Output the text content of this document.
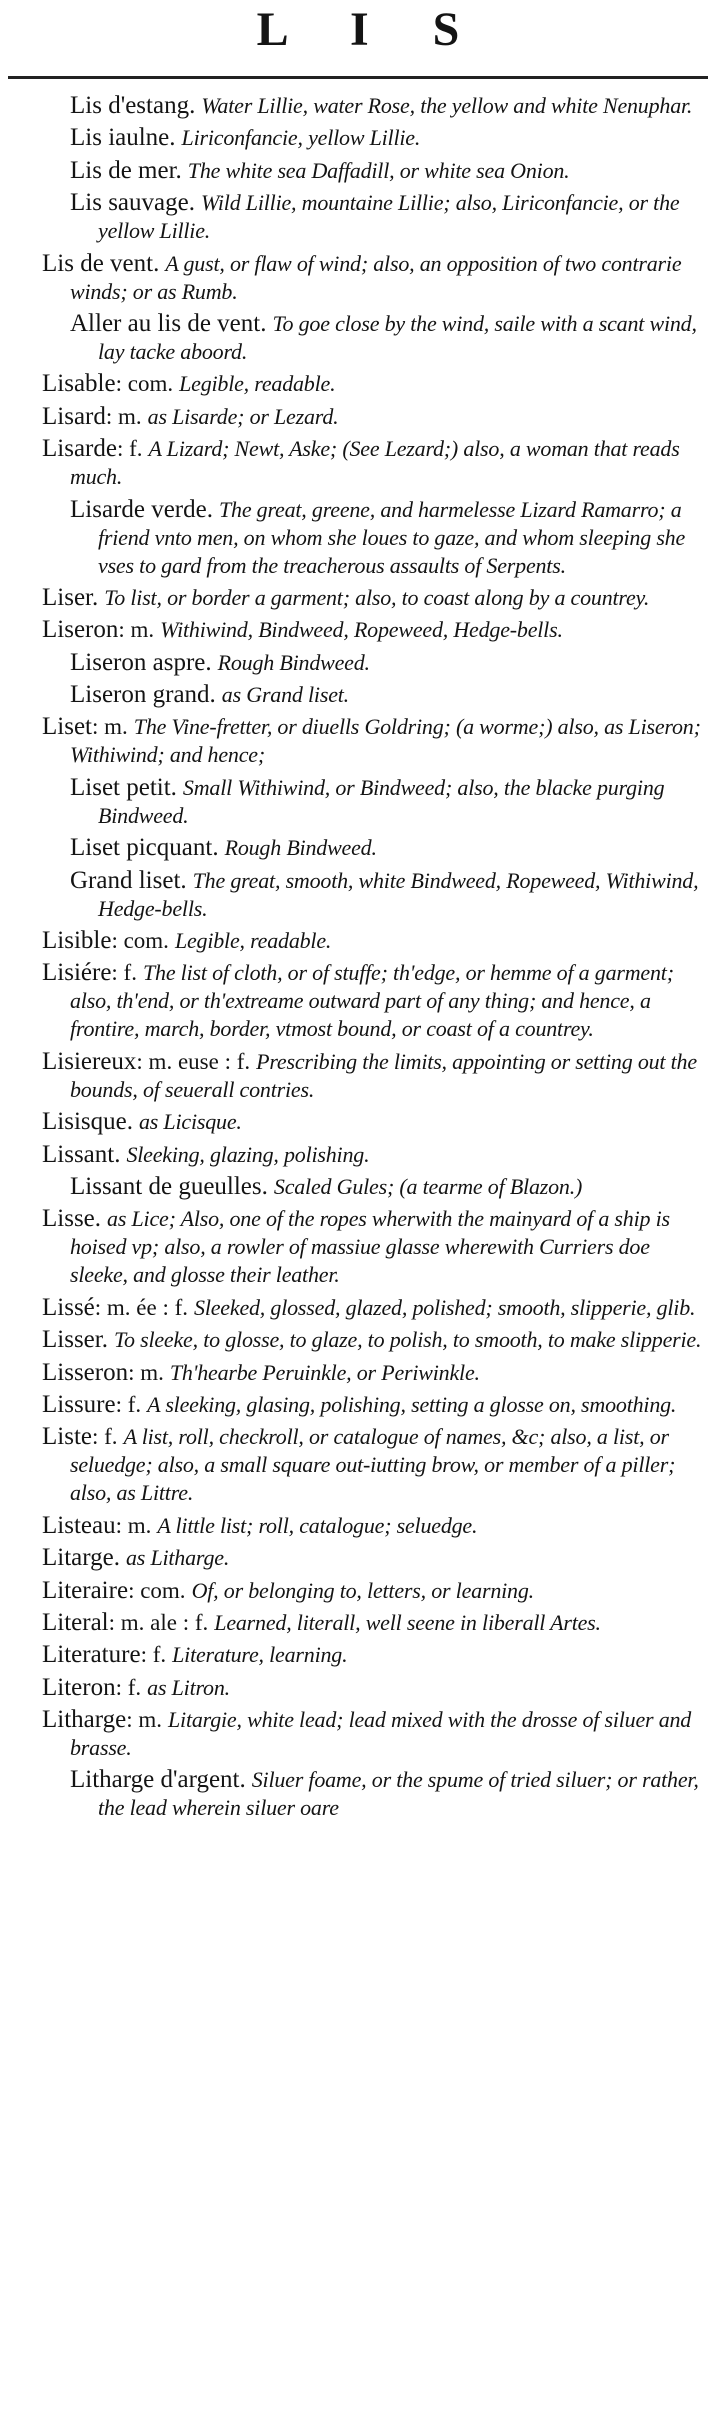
L I S
Lis d'estang. Water Lillie, water Rose, the yellow and white Nenuphar.
Lis iaulne. Liriconfancie, yellow Lillie.
Lis de mer. The white sea Daffadill, or white sea Onion.
Lis sauvage. Wild Lillie, mountaine Lillie; also, Liriconfancie, or the yellow Lillie.
Lis de vent. A gust, or flaw of wind; also, an opposition of two contrarie winds; or as Rumb.
Aller au lis de vent. To goe close by the wind, saile with a scant wind, lay tacke aboord.
Lisable: com. Legible, readable.
Lisard: m. as Lisarde; or Lezard.
Lisarde: f. A Lizard; Newt, Aske; (See Lezard;) also, a woman that reads much.
Lisarde verde. The great, greene, and harmelesse Lizard Ramarro; a friend vnto men, on whom she loues to gaze, and whom sleeping she vses to gard from the treacherous assaults of Serpents.
Liser. To list, or border a garment; also, to coast along by a countrey.
Liseron: m. Withiwind, Bindweed, Ropeweed, Hedge-bells.
Liseron aspre. Rough Bindweed.
Liseron grand. as Grand liset.
Liset: m. The Vine-fretter, or diuells Goldring; (a worme;) also, as Liseron; Withiwind; and hence;
Liset petit. Small Withiwind, or Bindweed; also, the blacke purging Bindweed.
Liset picquant. Rough Bindweed.
Grand liset. The great, smooth, white Bindweed, Ropeweed, Withiwind, Hedge-bells.
Lisible: com. Legible, readable.
Lisiére: f. The list of cloth, or of stuffe; th'edge, or hemme of a garment; also, th'end, or th'extreame outward part of any thing; and hence, a frontire, march, border, vtmost bound, or coast of a countrey.
Lisiereux: m. euse : f. Prescribing the limits, appointing or setting out the bounds, of seuerall contries.
Lisisque. as Licisque.
Lissant. Sleeking, glazing, polishing.
Lissant de gueulles. Scaled Gules; (a tearme of Blazon.)
Lisse. as Lice; Also, one of the ropes wherwith the mainyard of a ship is hoised vp; also, a rowler of massiue glasse wherewith Curriers doe sleeke, and glosse their leather.
Lissé: m. ée : f. Sleeked, glossed, glazed, polished; smooth, slipperie, glib.
Lisser. To sleeke, to glosse, to glaze, to polish, to smooth, to make slipperie.
Lisseron: m. Th'hearbe Peruinkle, or Periwinkle.
Lissure: f. A sleeking, glasing, polishing, setting a glosse on, smoothing.
Liste: f. A list, roll, checkroll, or catalogue of names, &c; also, a list, or seluedge; also, a small square out-iutting brow, or member of a piller; also, as Littre.
Listeau: m. A little list; roll, catalogue; seluedge.
Litarge. as Litharge.
Literaire: com. Of, or belonging to, letters, or learning.
Literal: m. ale : f. Learned, literall, well seene in liberall Artes.
Literature: f. Literature, learning.
Literon: f. as Litron.
Litharge: m. Litargie, white lead; lead mixed with the drosse of siluer and brasse.
Litharge d'argent. Siluer foame, or the spume of tried siluer; or rather, the lead wherein siluer oare
